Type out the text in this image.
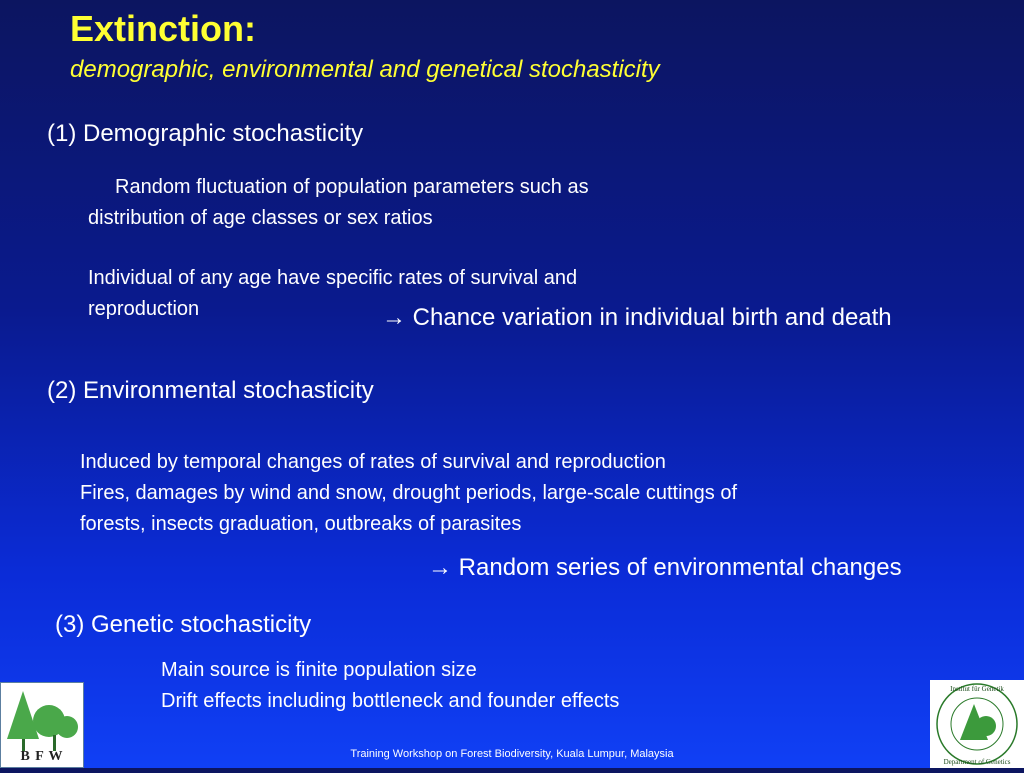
Extinction:
demographic, environmental and genetical stochasticity
(1) Demographic stochasticity
Random fluctuation of population parameters such as
distribution of age classes or sex ratios
Individual of any age have specific rates of survival and
reproduction	→ Chance variation in individual birth and death
(2) Environmental stochasticity
Induced by temporal changes of rates of survival and reproduction
Fires, damages by wind and snow, drought periods, large-scale cuttings of
forests, insects graduation, outbreaks of parasites
→ Random series of environmental changes
(3) Genetic stochasticity
Main source is finite population size
Drift effects including bottleneck and founder effects
Training Workshop on Forest Biodiversity, Kuala Lumpur, Malaysia
B F W
Institut für Genetik
Department of Genetics
